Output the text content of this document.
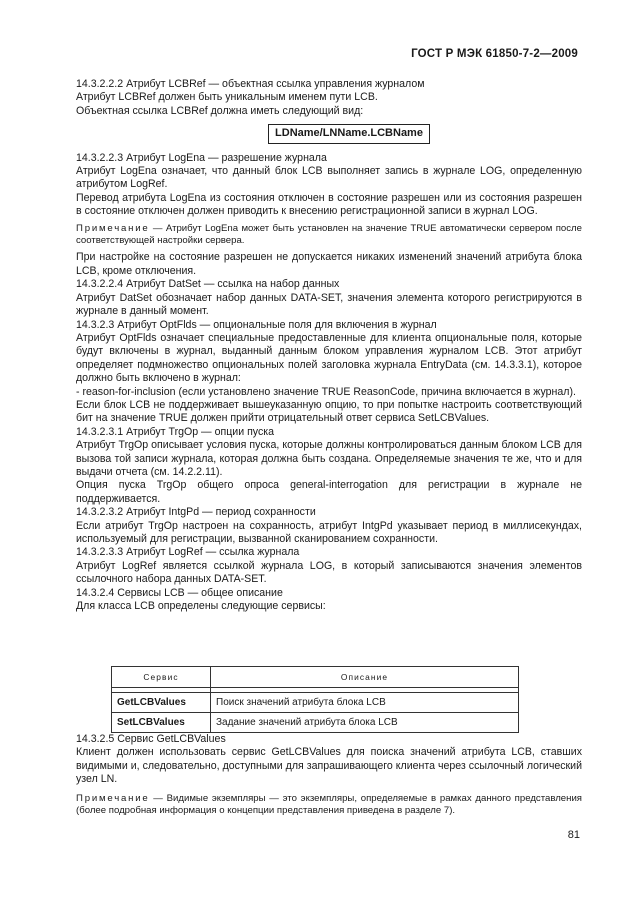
ГОСТ Р МЭК 61850-7-2—2009

14.3.2.2.2 Атрибут LCBRef — объектная ссылка управления журналом

Атрибут LCBRef должен быть уникальным именем пути LCB.

Объектная ссылка LCBRef должна иметь следующий вид:

LDName/LNName.LCBName

14.3.2.2.3 Атрибут LogEna — разрешение журнала

Атрибут LogEna означает, что данный блок LCB выполняет запись в журнале LOG, определенную атрибутом LogRef.

Перевод атрибута LogEna из состояния отключен в состояние разрешен или из состояния разрешен в состояние отключен должен приводить к внесению регистрационной записи в журнал LOG.

Примечание — Атрибут LogEna может быть установлен на значение TRUE автоматически сервером после соответствующей настройки сервера.

При настройке на состояние разрешен не допускается никаких изменений значений атрибута блока LCB, кроме отключения.

14.3.2.2.4 Атрибут DatSet — ссылка на набор данных

Атрибут DatSet обозначает набор данных DATA-SET, значения элемента которого регистрируются в журнале в данный момент.

14.3.2.3 Атрибут OptFlds — опциональные поля для включения в журнал

Атрибут OptFlds означает специальные предоставленные для клиента опциональные поля, которые будут включены в журнал, выданный данным блоком управления журналом LCB. Этот атрибут определяет подмножество опциональных полей заголовка журнала EntryData (см. 14.3.3.1), которое должно быть включено в журнал:

- reason-for-inclusion (если установлено значение TRUE ReasonCode, причина включается в журнал).

Если блок LCB не поддерживает вышеуказанную опцию, то при попытке настроить соответствующий бит на значение TRUE должен прийти отрицательный ответ сервиса SetLCBValues.

14.3.2.3.1 Атрибут TrgOp — опции пуска

Атрибут TrgOp описывает условия пуска, которые должны контролироваться данным блоком LCB для вызова той записи журнала, которая должна быть создана. Определяемые значения те же, что и для выдачи отчета (см. 14.2.2.11).

Опция пуска TrgOp общего опроса general-interrogation для регистрации в журнале не поддерживается.

14.3.2.3.2 Атрибут IntgPd — период сохранности

Если атрибут TrgOp настроен на сохранность, атрибут IntgPd указывает период в миллисекундах, используемый для регистрации, вызванной сканированием сохранности.

14.3.2.3.3 Атрибут LogRef — ссылка журнала

Атрибут LogRef является ссылкой журнала LOG, в который записываются значения элементов ссылочного набора данных DATA-SET.

14.3.2.4 Сервисы LCB — общее описание

Для класса LCB определены следующие сервисы:

Сервис	Описание

GetLCBValues	Поиск значений атрибута блока LCB
SetLCBValues	Задание значений атрибута блока LCB

14.3.2.5 Сервис GetLCBValues

Клиент должен использовать сервис GetLCBValues для поиска значений атрибута LCB, ставших видимыми и, следовательно, доступными для запрашивающего клиента через ссылочный логический узел LN.

Примечание — Видимые экземпляры — это экземпляры, определяемые в рамках данного представления (более подробная информация о концепции представления приведена в разделе 7).

81
